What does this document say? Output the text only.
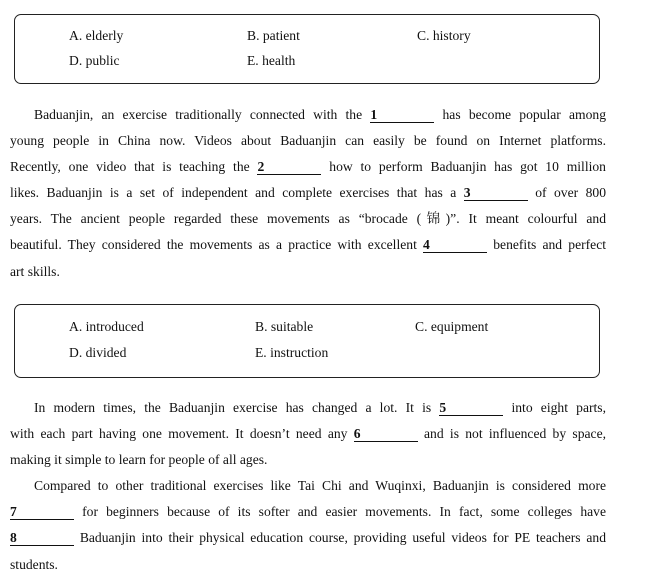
A. elderly	B. patient	C. history
D. public	E. health
Baduanjin, an exercise traditionally connected with the 1	has become popular among
young people in China now. Videos about Baduanjin can easily be found on Internet platforms.
Recently, one video that is teaching the 2	how to perform Baduanjin has got 10 million
likes. Baduanjin is a set of independent and complete exercises that has a 3	of over 800
years. The ancient people regarded these movements as “brocade (锦)”. It meant colourful and
beautiful. They considered the movements as a practice with excellent 4	benefits and perfect
art skills.
A. introduced	B. suitable	C. equipment
D. divided	E. instruction
In modern times, the Baduanjin exercise has changed a lot. It is 5	into eight parts,
with each part having one movement. It doesn’t need any 6	and is not influenced by space,
making it simple to learn for people of all ages.
Compared to other traditional exercises like Tai Chi and Wuqinxi, Baduanjin is considered more
7	for beginners because of its softer and easier movements. In fact, some colleges have
8	Baduanjin into their physical education course, providing useful videos for PE teachers and
students.
